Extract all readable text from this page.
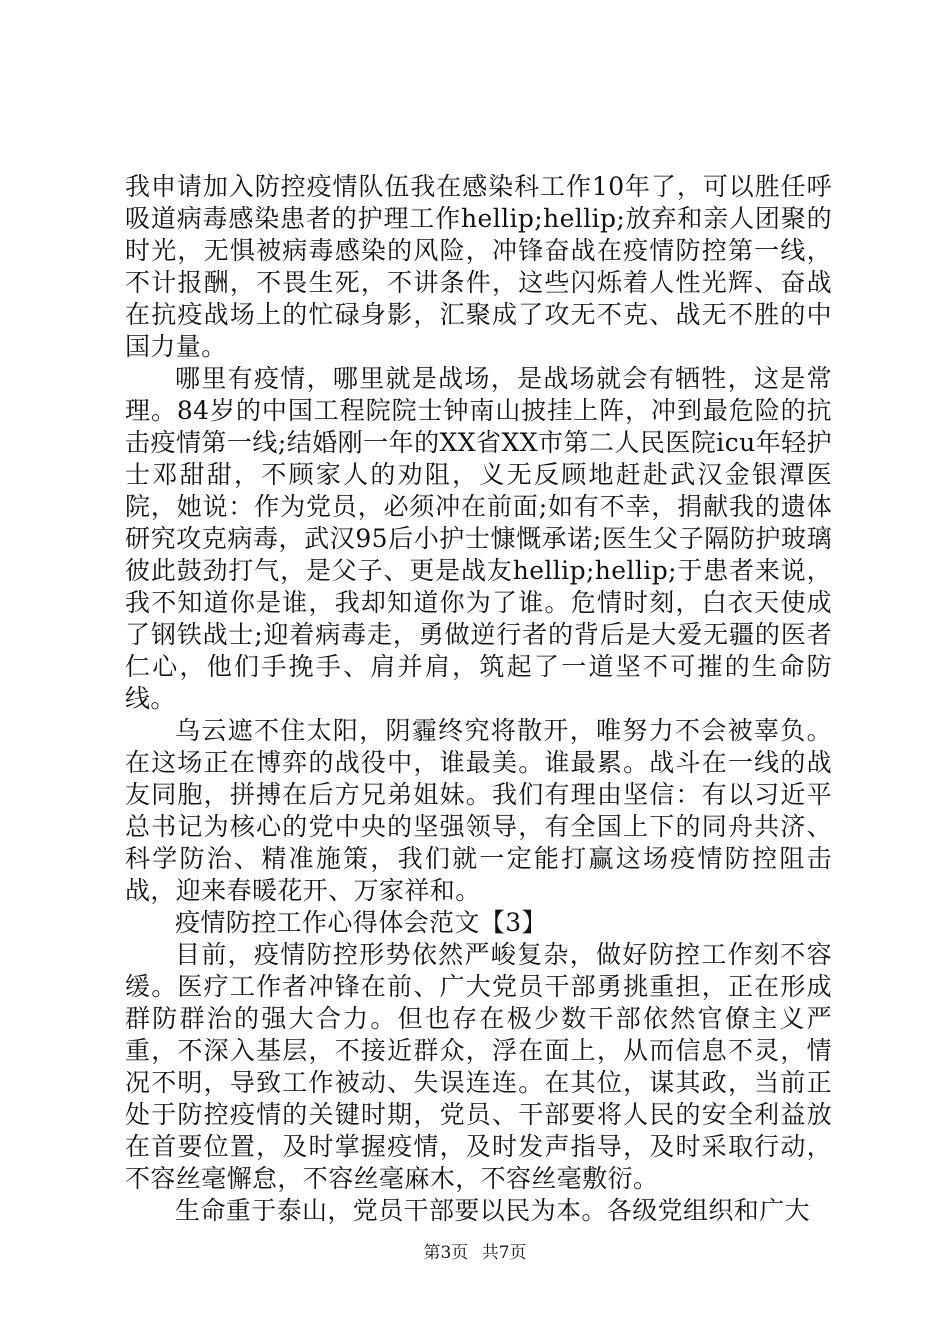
我申请加入防控疫情队伍我在感染科工作10年了，可以胜任呼吸道病毒感染患者的护理工作hellip;hellip;放弃和亲人团聚的时光，无惧被病毒感染的风险，冲锋奋战在疫情防控第一线，不计报酬，不畏生死，不讲条件，这些闪烁着人性光辉、奋战在抗疫战场上的忙碌身影，汇聚成了攻无不克、战无不胜的中国力量。

哪里有疫情，哪里就是战场，是战场就会有牺牲，这是常理。84岁的中国工程院院士钟南山披挂上阵，冲到最危险的抗击疫情第一线;结婚刚一年的XX省XX市第二人民医院icu年轻护士邓甜甜，不顾家人的劝阻，义无反顾地赶赴武汉金银潭医院，她说：作为党员，必须冲在前面;如有不幸，捐献我的遗体研究攻克病毒，武汉95后小护士慷慨承诺;医生父子隔防护玻璃彼此鼓劲打气，是父子、更是战友hellip;hellip;于患者来说，我不知道你是谁，我却知道你为了谁。危情时刻，白衣天使成了钢铁战士;迎着病毒走，勇做逆行者的背后是大爱无疆的医者仁心，他们手挽手、肩并肩，筑起了一道坚不可摧的生命防线。

乌云遮不住太阳，阴霾终究将散开，唯努力不会被辜负。在这场正在博弈的战役中，谁最美。谁最累。战斗在一线的战友同胞，拼搏在后方兄弟姐妹。我们有理由坚信：有以习近平总书记为核心的党中央的坚强领导，有全国上下的同舟共济、科学防治、精准施策，我们就一定能打赢这场疫情防控阻击战，迎来春暖花开、万家祥和。

疫情防控工作心得体会范文【3】

目前，疫情防控形势依然严峻复杂，做好防控工作刻不容缓。医疗工作者冲锋在前、广大党员干部勇挑重担，正在形成群防群治的强大合力。但也存在极少数干部依然官僚主义严重，不深入基层，不接近群众，浮在面上，从而信息不灵，情况不明，导致工作被动、失误连连。在其位，谋其政，当前正处于防控疫情的关键时期，党员、干部要将人民的安全利益放在首要位置，及时掌握疫情，及时发声指导，及时采取行动，不容丝毫懈怠，不容丝毫麻木，不容丝毫敷衍。

生命重于泰山，党员干部要以民为本。各级党组织和广大

第3页 共7页
